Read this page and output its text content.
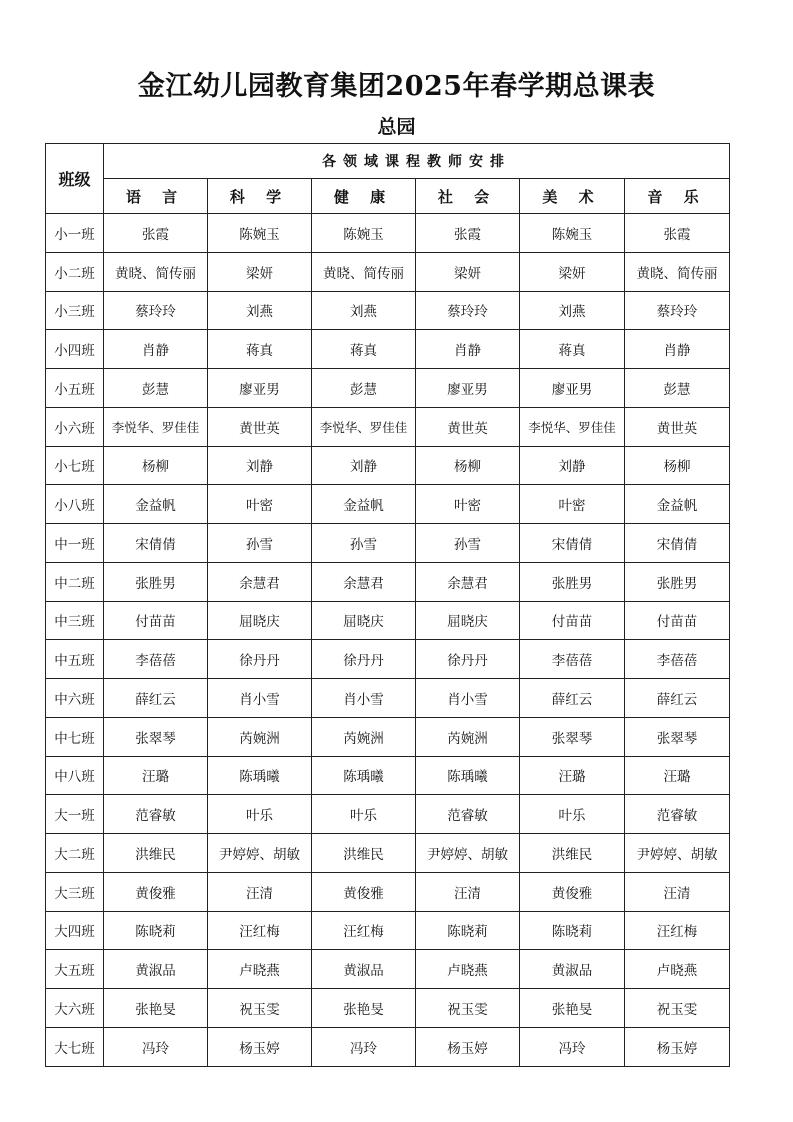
金江幼儿园教育集团2025年春学期总课表
总园
班级	各领域课程教师安排					
	语 言	科 学	健 康	社 会	美 术	音 乐
小一班	张霞	陈婉玉	陈婉玉	张霞	陈婉玉	张霞
小二班	黄晓、简传丽	梁妍	黄晓、简传丽	梁妍	梁妍	黄晓、简传丽
小三班	蔡玲玲	刘燕	刘燕	蔡玲玲	刘燕	蔡玲玲
小四班	肖静	蒋真	蒋真	肖静	蒋真	肖静
小五班	彭慧	廖亚男	彭慧	廖亚男	廖亚男	彭慧
小六班	李悦华、罗佳佳	黄世英	李悦华、罗佳佳	黄世英	李悦华、罗佳佳	黄世英
小七班	杨柳	刘静	刘静	杨柳	刘静	杨柳
小八班	金益帆	叶密	金益帆	叶密	叶密	金益帆
中一班	宋倩倩	孙雪	孙雪	孙雪	宋倩倩	宋倩倩
中二班	张胜男	余慧君	余慧君	余慧君	张胜男	张胜男
中三班	付苗苗	屈晓庆	屈晓庆	屈晓庆	付苗苗	付苗苗
中五班	李蓓蓓	徐丹丹	徐丹丹	徐丹丹	李蓓蓓	李蓓蓓
中六班	薛红云	肖小雪	肖小雪	肖小雪	薛红云	薛红云
中七班	张翠琴	芮婉洲	芮婉洲	芮婉洲	张翠琴	张翠琴
中八班	汪璐	陈瑀曦	陈瑀曦	陈瑀曦	汪璐	汪璐
大一班	范睿敏	叶乐	叶乐	范睿敏	叶乐	范睿敏
大二班	洪维民	尹婷婷、胡敏	洪维民	尹婷婷、胡敏	洪维民	尹婷婷、胡敏
大三班	黄俊雅	汪清	黄俊雅	汪清	黄俊雅	汪清
大四班	陈晓莉	汪红梅	汪红梅	陈晓莉	陈晓莉	汪红梅
大五班	黄淑品	卢晓燕	黄淑品	卢晓燕	黄淑品	卢晓燕
大六班	张艳旻	祝玉雯	张艳旻	祝玉雯	张艳旻	祝玉雯
大七班	冯玲	杨玉婷	冯玲	杨玉婷	冯玲	杨玉婷
